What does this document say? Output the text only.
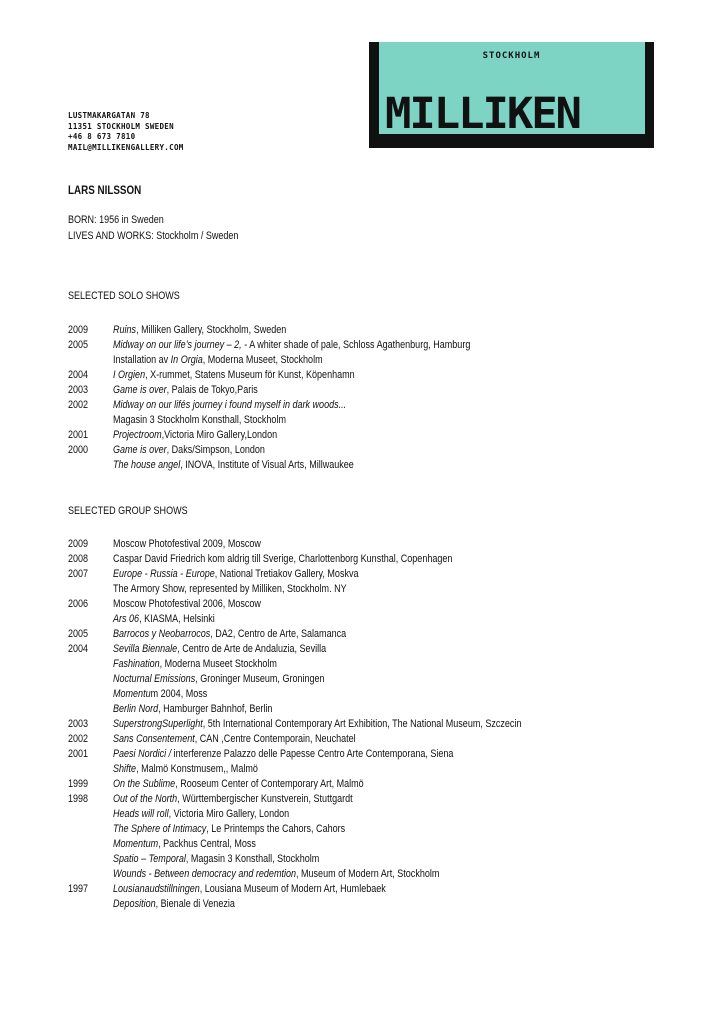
LUSTMAKARGATAN 78
11351 STOCKHOLM SWEDEN
+46 8 673 7810
MAIL@MILLIKENGALLERY.COM
STOCKHOLM
MILLIKEN
LARS NILSSON
BORN: 1956 in Sweden
LIVES AND WORKS: Stockholm / Sweden
SELECTED SOLO SHOWS
2009	Ruins, Milliken Gallery, Stockholm, Sweden
2005	Midway on our life’s journey – 2, - A whiter shade of pale, Schloss Agathenburg, Hamburg
Installation av In Orgia, Moderna Museet, Stockholm
2004	I Orgien, X-rummet, Statens Museum för Kunst, Köpenhamn
2003	Game is over, Palais de Tokyo,Paris
2002	Midway on our lifés journey i found myself in dark woods...
Magasin 3 Stockholm Konsthall, Stockholm
2001	Projectroom,Victoria Miro Gallery,London
2000	Game is over, Daks/Simpson, London
The house angel, INOVA, Institute of Visual Arts, Millwaukee
SELECTED GROUP SHOWS
2009	Moscow Photofestival 2009, Moscow
2008	Caspar David Friedrich kom aldrig till Sverige, Charlottenborg Kunsthal, Copenhagen
2007	Europe - Russia - Europe, National Tretiakov Gallery, Moskva
The Armory Show, represented by Milliken, Stockholm. NY
2006	Moscow Photofestival 2006, Moscow
Ars 06, KIASMA, Helsinki
2005	Barrocos y Neobarrocos, DA2, Centro de Arte, Salamanca
2004	Sevilla Biennale, Centro de Arte de Andaluzia, Sevilla
Fashination, Moderna Museet Stockholm
Nocturnal Emissions, Groninger Museum, Groningen
Momentum 2004, Moss
Berlin Nord, Hamburger Bahnhof, Berlin
2003	SuperstrongSuperlight, 5th International Contemporary Art Exhibition, The National Museum, Szczecin
2002	Sans Consentement, CAN ,Centre Contemporain, Neuchatel
2001	Paesi Nordici / interferenze Palazzo delle Papesse Centro Arte Contemporana, Siena
Shifte, Malmö Konstmusem,, Malmö
1999	On the Sublime, Rooseum Center of Contemporary Art, Malmö
1998	Out of the North, Württembergischer Kunstverein, Stuttgardt
Heads will roll, Victoria Miro Gallery, London
The Sphere of Intimacy, Le Printemps the Cahors, Cahors
Momentum, Packhus Central, Moss
Spatio – Temporal, Magasin 3 Konsthall, Stockholm
Wounds - Between democracy and redemtion, Museum of Modern Art, Stockholm
1997	Lousianaudstillningen, Lousiana Museum of Modern Art, Humlebaek
Deposition, Bienale di Venezia
